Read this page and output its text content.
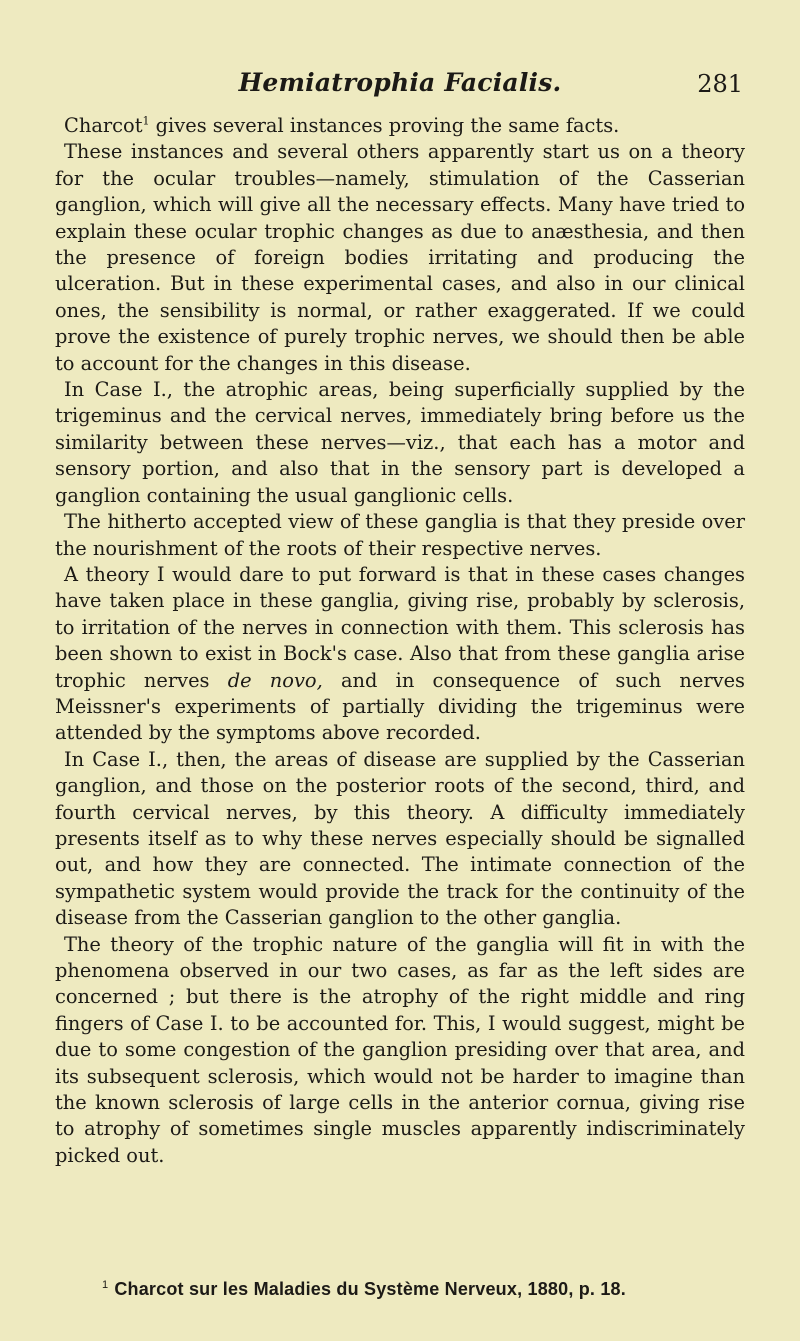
Hemiatrophia Facialis.	281

Charcot$^1$ gives several instances proving the same facts.

These instances and several others apparently start us on a theory for the ocular troubles—namely, stimulation of the Casserian ganglion, which will give all the necessary effects. Many have tried to explain these ocular trophic changes as due to anæsthesia, and then the presence of foreign bodies irritating and producing the ulceration. But in these experimental cases, and also in our clinical ones, the sensibility is normal, or rather exaggerated. If we could prove the existence of purely trophic nerves, we should then be able to account for the changes in this disease.

In Case I., the atrophic areas, being superficially supplied by the trigeminus and the cervical nerves, immediately bring before us the similarity between these nerves—viz., that each has a motor and sensory portion, and also that in the sensory part is developed a ganglion containing the usual ganglionic cells.

The hitherto accepted view of these ganglia is that they preside over the nourishment of the roots of their respective nerves.

A theory I would dare to put forward is that in these cases changes have taken place in these ganglia, giving rise, probably by sclerosis, to irritation of the nerves in connection with them. This sclerosis has been shown to exist in Bock's case. Also that from these ganglia arise trophic nerves de novo, and in consequence of such nerves Meissner's experiments of partially dividing the trigeminus were attended by the symptoms above recorded.

In Case I., then, the areas of disease are supplied by the Casserian ganglion, and those on the posterior roots of the second, third, and fourth cervical nerves, by this theory. A difficulty immediately presents itself as to why these nerves especially should be signalled out, and how they are connected. The intimate connection of the sympathetic system would provide the track for the continuity of the disease from the Casserian ganglion to the other ganglia.

The theory of the trophic nature of the ganglia will fit in with the phenomena observed in our two cases, as far as the left sides are concerned ; but there is the atrophy of the right middle and ring fingers of Case I. to be accounted for. This, I would suggest, might be due to some congestion of the ganglion presiding over that area, and its subsequent sclerosis, which would not be harder to imagine than the known sclerosis of large cells in the anterior cornua, giving rise to atrophy of sometimes single muscles apparently indiscriminately picked out.

$^1$ Charcot sur les Maladies du Système Nerveux, 1880, p. 18.
